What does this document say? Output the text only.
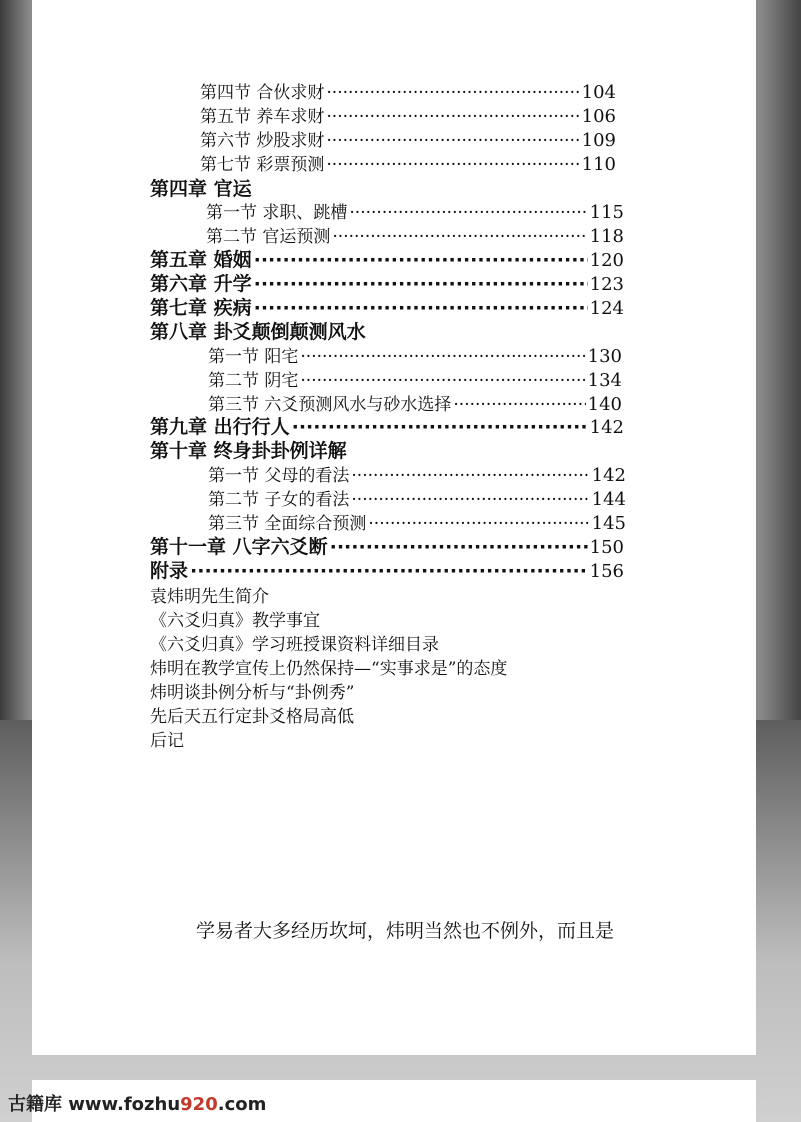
第四节 合伙求财 ·····	104
第五节 养车求财 ·····	106
第六节 炒股求财 ·····	109
第七节 彩票预测 ·····	110
第四章 官运
第一节 求职、跳槽 ·····	115
第二节 官运预测 ·····	118
第五章 婚姻 ·····	120
第六章 升学 ·····	123
第七章 疾病 ·····	124
第八章 卦爻颠倒颠测风水
第一节 阳宅 ·····	130
第二节 阴宅 ·····	134
第三节 六爻预测风水与砂水选择 ·····	140
第九章 出行行人 ·····	142
第十章 终身卦卦例详解
第一节 父母的看法 ·····	142
第二节 子女的看法 ·····	144
第三节 全面综合预测 ·····	145
第十一章 八字六爻断 ·····	150
附录 ·····	156
袁炜明先生简介
《六爻归真》教学事宜
《六爻归真》学习班授课资料详细目录
炜明在教学宣传上仍然保持—“实事求是”的态度
炜明谈卦例分析与“卦例秀”
先后天五行定卦爻格局高低
后记
学易者大多经历坎坷，炜明当然也不例外，而且是
古籍库 www.fozhu920.com
